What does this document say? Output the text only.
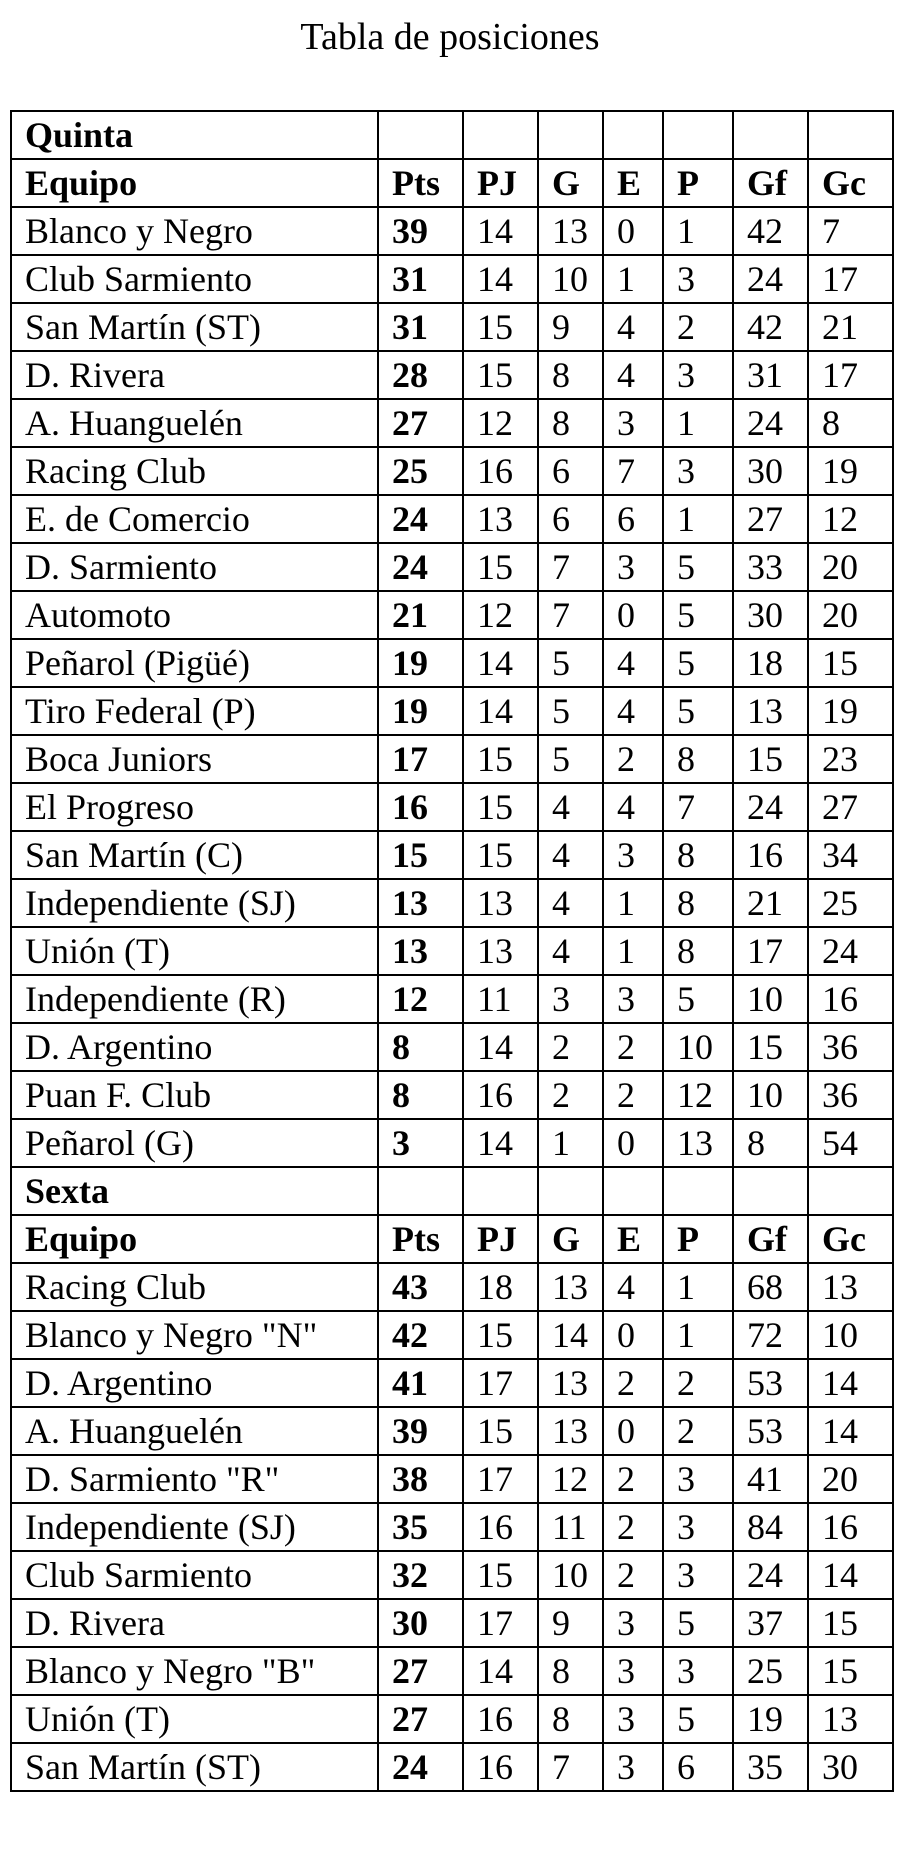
Tabla de posiciones
Quinta							
Equipo	Pts	PJ	G	E	P	Gf	Gc
Blanco y Negro	39	14	13	0	1	42	7
Club Sarmiento	31	14	10	1	3	24	17
San Martín (ST)	31	15	9	4	2	42	21
D. Rivera	28	15	8	4	3	31	17
A. Huanguelén	27	12	8	3	1	24	8
Racing Club	25	16	6	7	3	30	19
E. de Comercio	24	13	6	6	1	27	12
D. Sarmiento	24	15	7	3	5	33	20
Automoto	21	12	7	0	5	30	20
Peñarol (Pigüé)	19	14	5	4	5	18	15
Tiro Federal (P)	19	14	5	4	5	13	19
Boca Juniors	17	15	5	2	8	15	23
El Progreso	16	15	4	4	7	24	27
San Martín (C)	15	15	4	3	8	16	34
Independiente (SJ)	13	13	4	1	8	21	25
Unión (T)	13	13	4	1	8	17	24
Independiente (R)	12	11	3	3	5	10	16
D. Argentino	8	14	2	2	10	15	36
Puan F. Club	8	16	2	2	12	10	36
Peñarol (G)	3	14	1	0	13	8	54
Sexta							
Equipo	Pts	PJ	G	E	P	Gf	Gc
Racing Club	43	18	13	4	1	68	13
Blanco y Negro "N"	42	15	14	0	1	72	10
D. Argentino	41	17	13	2	2	53	14
A. Huanguelén	39	15	13	0	2	53	14
D. Sarmiento "R"	38	17	12	2	3	41	20
Independiente (SJ)	35	16	11	2	3	84	16
Club Sarmiento	32	15	10	2	3	24	14
D. Rivera	30	17	9	3	5	37	15
Blanco y Negro "B"	27	14	8	3	3	25	15
Unión (T)	27	16	8	3	5	19	13
San Martín (ST)	24	16	7	3	6	35	30
